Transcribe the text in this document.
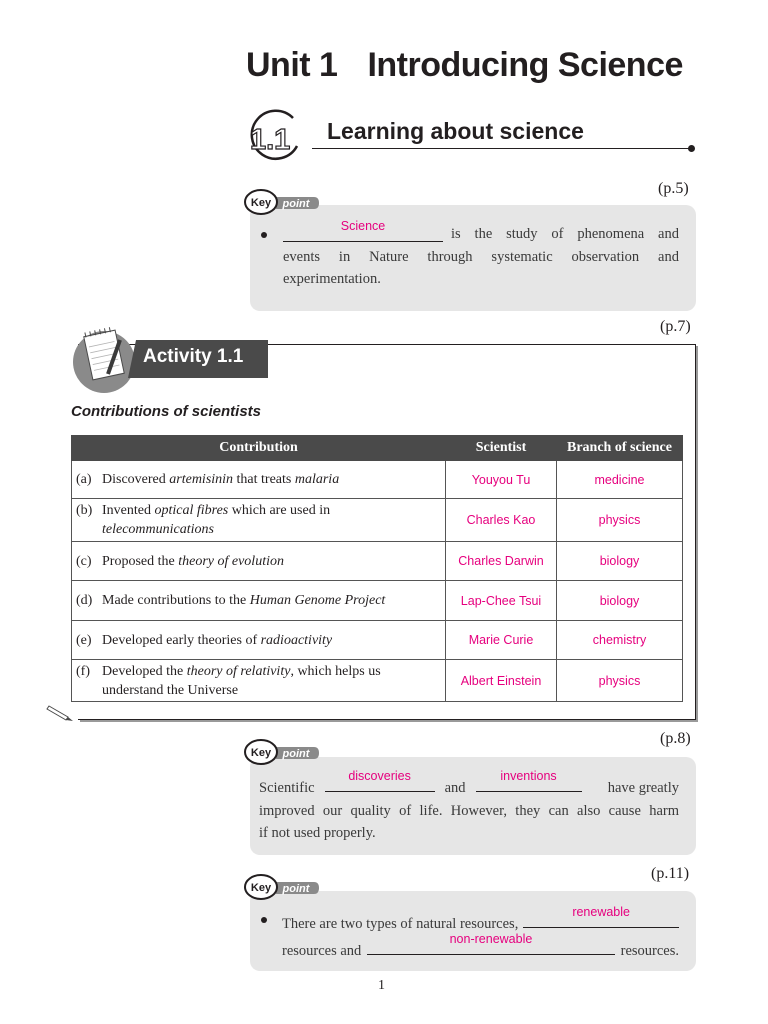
Unit 1 Introducing Science
1.1 Learning about science
(p.5)
point
Key
Science	is the study of phenomena and
events in Nature through systematic observation and
experimentation.
(p.7)
Activity 1.1
Contributions of scientists
Contribution	Scientist	Branch of science

(a) Discovered artemisinin that treats malaria	Youyou Tu	medicine

(b) Invented optical fibres which are used in telecommunications	Charles Kao	physics

(c) Proposed the theory of evolution	Charles Darwin	biology

(d) Made contributions to the Human Genome Project	Lap-Chee Tsui	biology

(e) Developed early theories of radioactivity	Marie Curie	chemistry

(f) Developed the theory of relativity, which helps us understand the Universe	Albert Einstein	physics
(p.8)
point
Key
Scientific
discoveries
and
inventions
have greatly
improved our quality of life. However, they can also cause harm
if not used properly.
(p.11)
point
Key
There are two types of natural resources,
renewable
resources and
non-renewable
resources.
1
